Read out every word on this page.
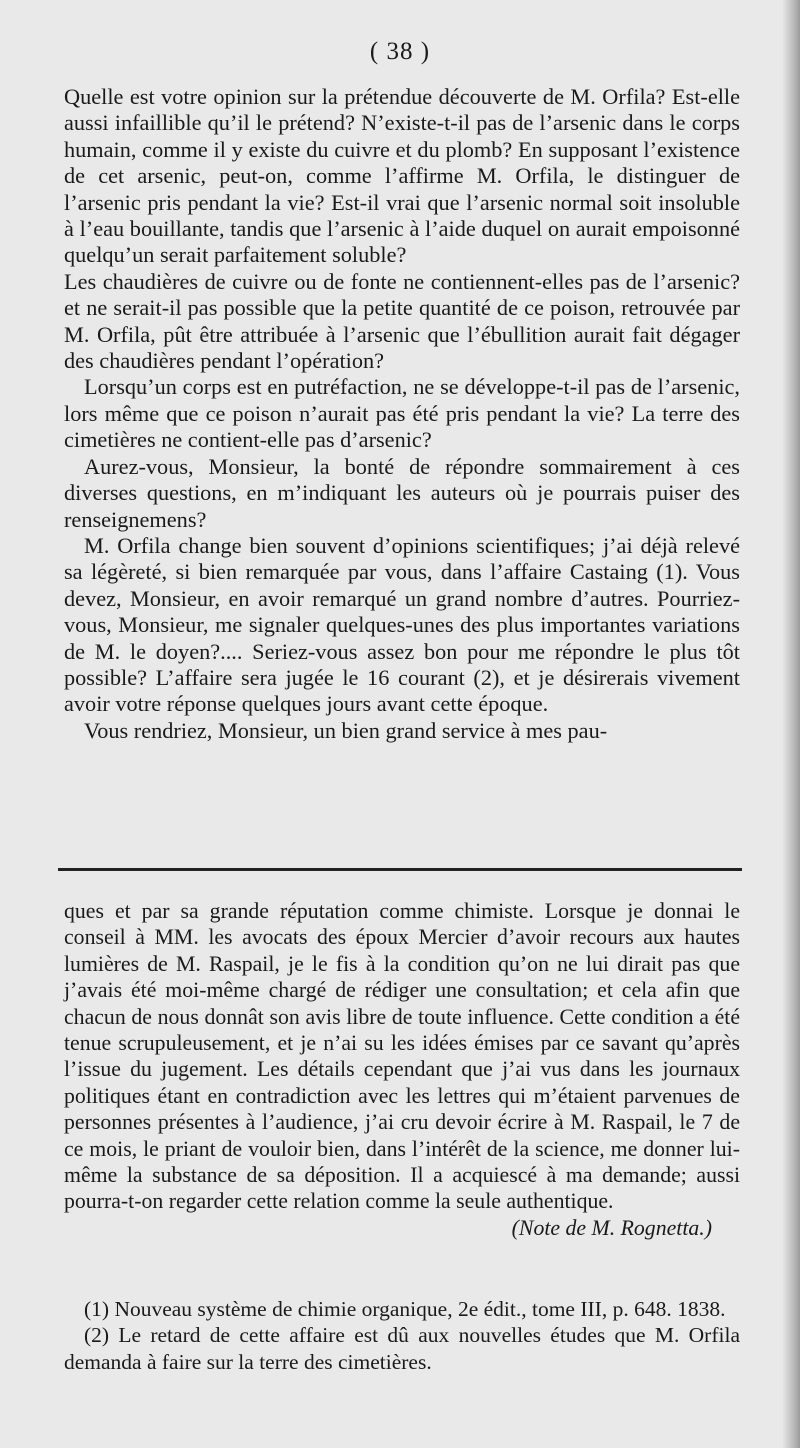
( 38 )

Quelle est votre opinion sur la prétendue découverte de M. Orfila? Est-elle aussi infaillible qu’il le prétend? N’existe-t-il pas de l’arsenic dans le corps humain, comme il y existe du cuivre et du plomb? En supposant l’existence de cet arsenic, peut-on, comme l’affirme M. Orfila, le distinguer de l’arsenic pris pendant la vie? Est-il vrai que l’arsenic normal soit insoluble à l’eau bouillante, tandis que l’arsenic à l’aide duquel on aurait empoisonné quelqu’un serait parfaitement soluble?

Les chaudières de cuivre ou de fonte ne contiennent-elles pas de l’arsenic? et ne serait-il pas possible que la petite quantité de ce poison, retrouvée par M. Orfila, pût être attribuée à l’arsenic que l’ébullition aurait fait dégager des chaudières pendant l’opération?

Lorsqu’un corps est en putréfaction, ne se développe-t-il pas de l’arsenic, lors même que ce poison n’aurait pas été pris pendant la vie? La terre des cimetières ne contient-elle pas d’arsenic?

Aurez-vous, Monsieur, la bonté de répondre sommairement à ces diverses questions, en m’indiquant les auteurs où je pourrais puiser des renseignemens?

M. Orfila change bien souvent d’opinions scientifiques; j’ai déjà relevé sa légèreté, si bien remarquée par vous, dans l’affaire Castaing (1). Vous devez, Monsieur, en avoir remarqué un grand nombre d’autres. Pourriez-vous, Monsieur, me signaler quelques-unes des plus importantes variations de M. le doyen?.... Seriez-vous assez bon pour me répondre le plus tôt possible? L’affaire sera jugée le 16 courant (2), et je désirerais vivement avoir votre réponse quelques jours avant cette époque.

Vous rendriez, Monsieur, un bien grand service à mes pau-

ques et par sa grande réputation comme chimiste. Lorsque je donnai le conseil à MM. les avocats des époux Mercier d’avoir recours aux hautes lumières de M. Raspail, je le fis à la condition qu’on ne lui dirait pas que j’avais été moi-même chargé de rédiger une consultation; et cela afin que chacun de nous donnât son avis libre de toute influence. Cette condition a été tenue scrupuleusement, et je n’ai su les idées émises par ce savant qu’après l’issue du jugement. Les détails cependant que j’ai vus dans les journaux politiques étant en contradiction avec les lettres qui m’étaient parvenues de personnes présentes à l’audience, j’ai cru devoir écrire à M. Raspail, le 7 de ce mois, le priant de vouloir bien, dans l’intérêt de la science, me donner lui-même la substance de sa déposition. Il a acquiescé à ma demande; aussi pourra-t-on regarder cette relation comme la seule authentique.

(Note de M. Rognetta.)

(1) Nouveau système de chimie organique, 2e édit., tome III, p. 648. 1838.

(2) Le retard de cette affaire est dû aux nouvelles études que M. Orfila demanda à faire sur la terre des cimetières.
